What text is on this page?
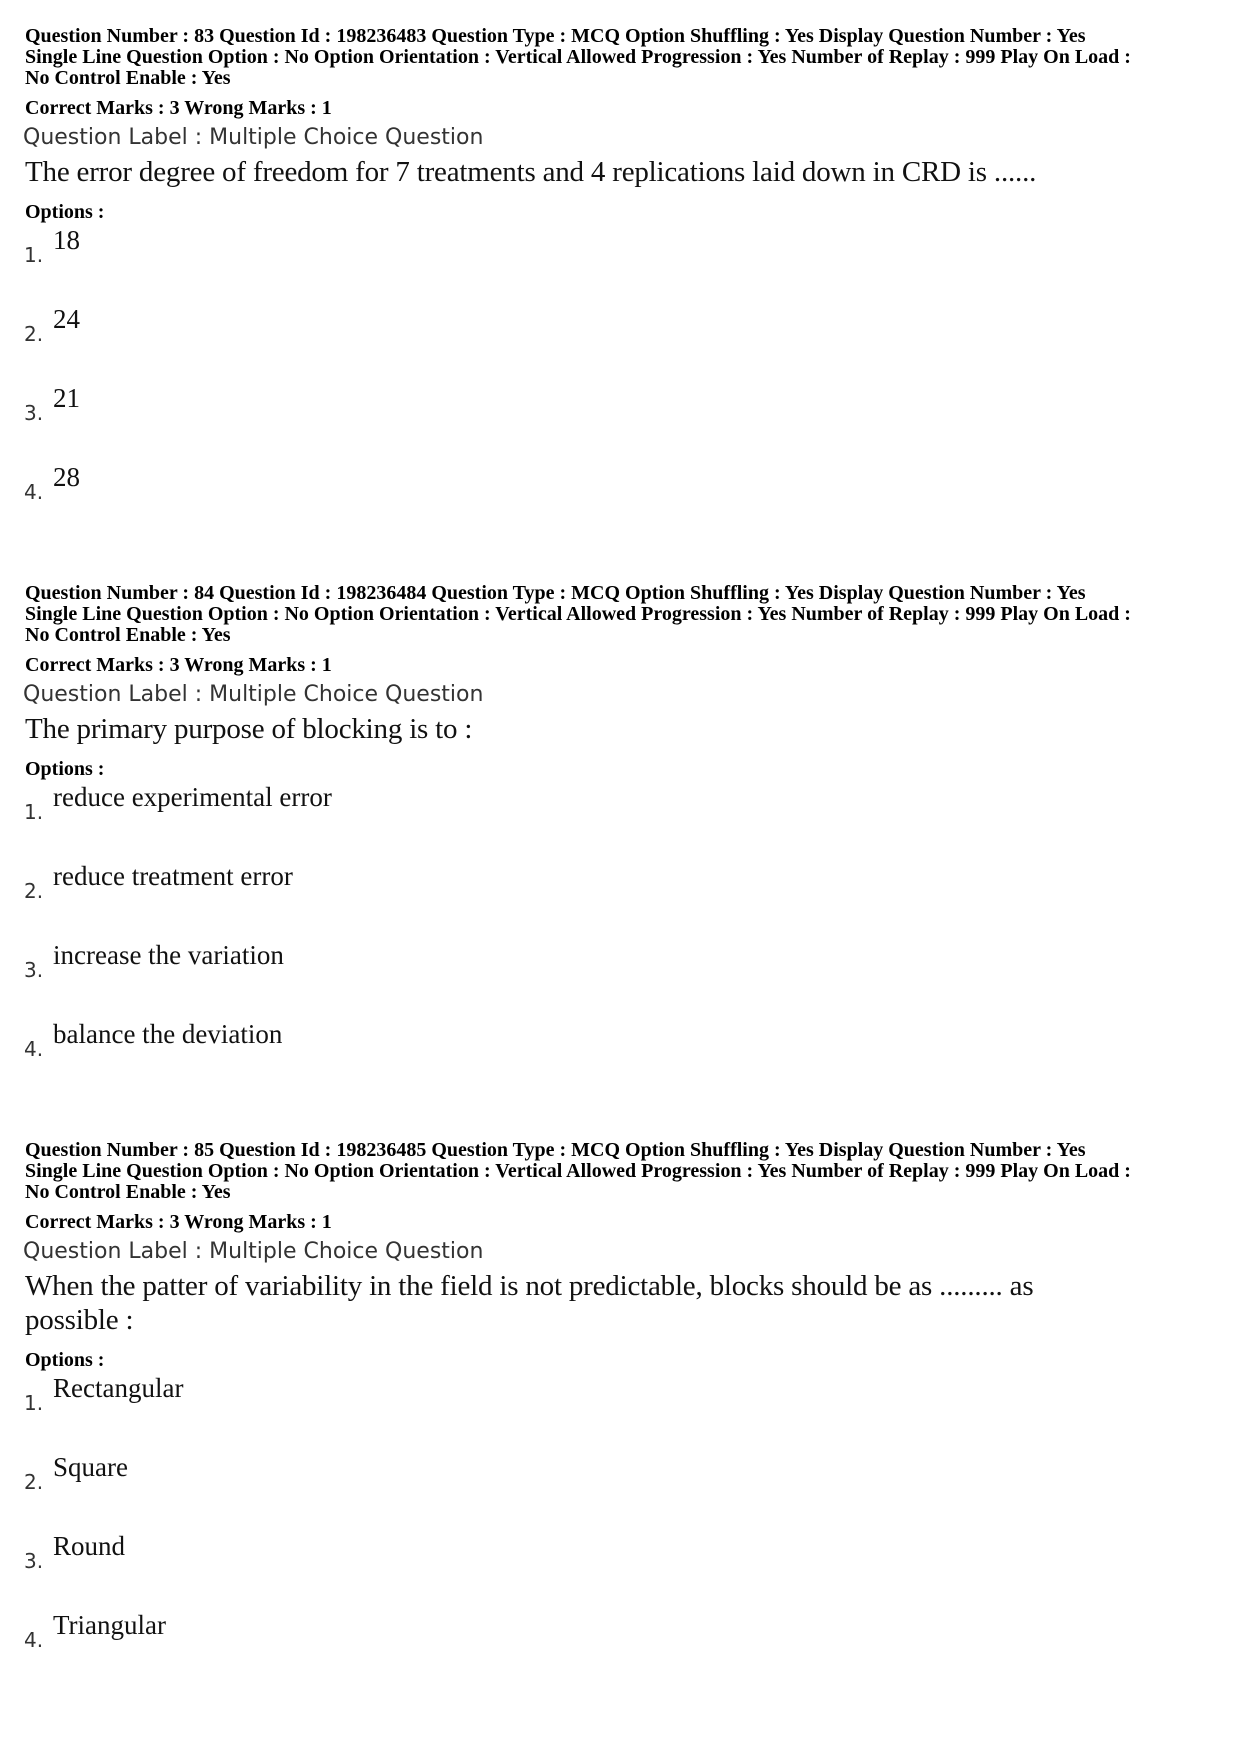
Question Number : 83 Question Id : 198236483 Question Type : MCQ Option Shuffling : Yes Display Question Number : Yes
Single Line Question Option : No Option Orientation : Vertical Allowed Progression : Yes Number of Replay : 999 Play On Load :
No Control Enable : Yes
Correct Marks : 3 Wrong Marks : 1
Question Label : Multiple Choice Question
The error degree of freedom for 7 treatments and 4 replications laid down in CRD is ......
Options :
1. 18
2. 24
3. 21
4. 28
Question Number : 84 Question Id : 198236484 Question Type : MCQ Option Shuffling : Yes Display Question Number : Yes
Single Line Question Option : No Option Orientation : Vertical Allowed Progression : Yes Number of Replay : 999 Play On Load :
No Control Enable : Yes
Correct Marks : 3 Wrong Marks : 1
Question Label : Multiple Choice Question
The primary purpose of blocking is to :
Options :
1. reduce experimental error
2. reduce treatment error
3. increase the variation
4. balance the deviation
Question Number : 85 Question Id : 198236485 Question Type : MCQ Option Shuffling : Yes Display Question Number : Yes
Single Line Question Option : No Option Orientation : Vertical Allowed Progression : Yes Number of Replay : 999 Play On Load :
No Control Enable : Yes
Correct Marks : 3 Wrong Marks : 1
Question Label : Multiple Choice Question
When the patter of variability in the field is not predictable, blocks should be as ......... as
possible :
Options :
1. Rectangular
2. Square
3. Round
4. Triangular
